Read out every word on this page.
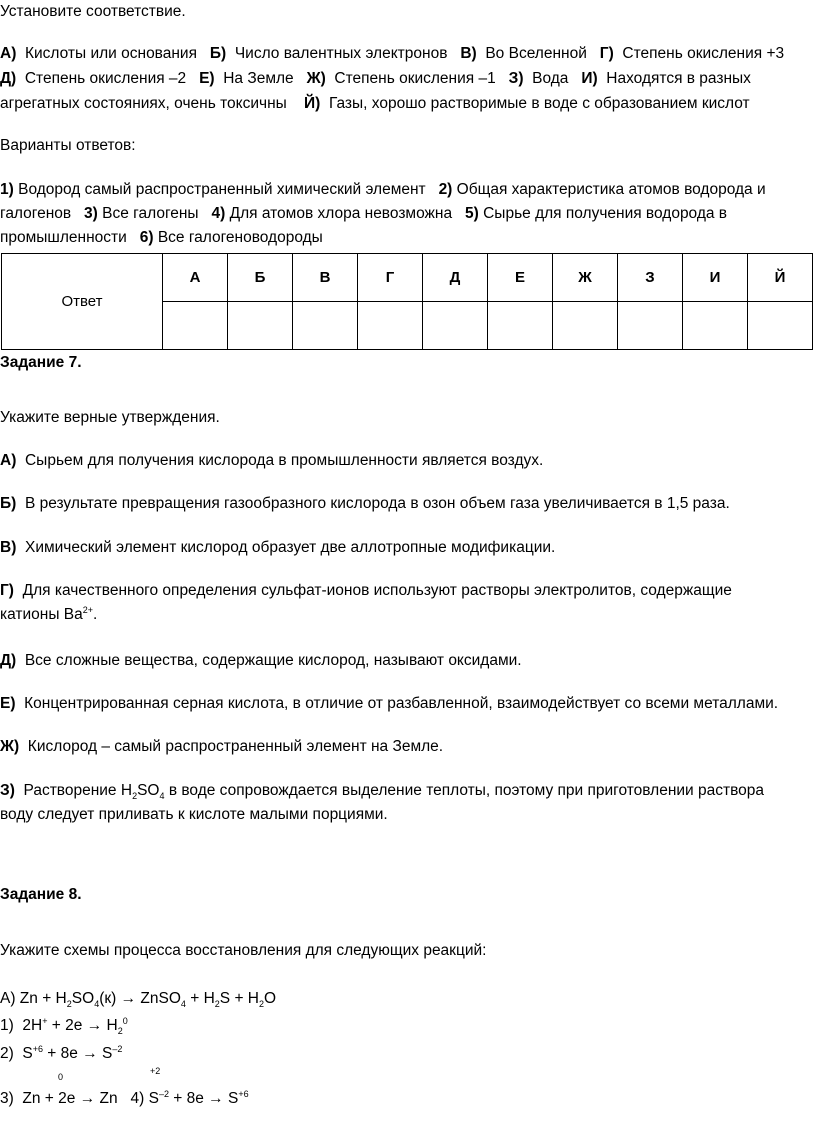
Установите соответствие.
А) Кислоты или основания Б) Число валентных электронов В) Во Вселенной Г) Степень окисления +3
Д) Степень окисления –2 Е) На Земле Ж) Степень окисления –1 З) Вода И) Находятся в разных
агрегатных состояниях, очень токсичны Й) Газы, хорошо растворимые в воде с образованием кислот
Варианты ответов:
1) Водород самый распространенный химический элемент 2) Общая характеристика атомов водорода и
галогенов 3) Все галогены 4) Для атомов хлора невозможна 5) Сырье для получения водорода в
промышленности 6) Все галогеноводороды
Ответ	А	Б	В	Г	Д	Е	Ж	З	И	Й

Задание 7.
Укажите верные утверждения.
А) Сырьем для получения кислорода в промышленности является воздух.
Б) В результате превращения газообразного кислорода в озон объем газа увеличивается в 1,5 раза.
В) Химический элемент кислород образует две аллотропные модификации.
Г) Для качественного определения сульфат-ионов используют растворы электролитов, содержащие
катионы $Ba^{2+}$.
Д) Все сложные вещества, содержащие кислород, называют оксидами.
Е) Концентрированная серная кислота, в отличие от разбавленной, взаимодействует со всеми металлами.
Ж) Кислород – самый распространенный элемент на Земле.
З) Растворение $H_2SO_4$ в воде сопровождается выделение теплоты, поэтому при приготовлении раствора
воду следует приливать к кислоте малыми порциями.
Задание 8.
Укажите схемы процесса восстановления для следующих реакций:
А) $Zn + H_2SO_4(к)$ → ZnSO$_4$ + $H_2S + H_2O$
1)  $2H^+ + 2e \to H_2^0$
2)  $S^{+6} + 8e \to S^{-2}$
0
+2
3)  Zn + 2e → Zn   4) $S^{-2} + 8e \to S^{+6}$
